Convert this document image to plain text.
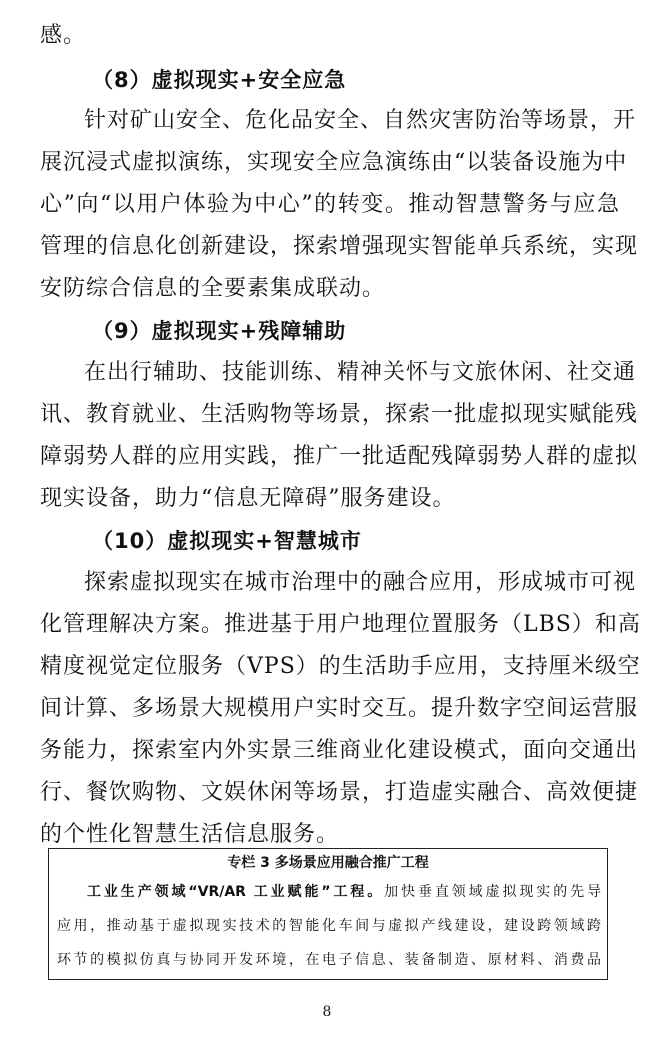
感。
（8）虚拟现实+安全应急
针对矿山安全、危化品安全、自然灾害防治等场景，开
展沉浸式虚拟演练，实现安全应急演练由“以装备设施为中
心”向“以用户体验为中心”的转变。推动智慧警务与应急
管理的信息化创新建设，探索增强现实智能单兵系统，实现
安防综合信息的全要素集成联动。
（9）虚拟现实+残障辅助
在出行辅助、技能训练、精神关怀与文旅休闲、社交通
讯、教育就业、生活购物等场景，探索一批虚拟现实赋能残
障弱势人群的应用实践，推广一批适配残障弱势人群的虚拟
现实设备，助力“信息无障碍”服务建设。
（10）虚拟现实+智慧城市
探索虚拟现实在城市治理中的融合应用，形成城市可视
化管理解决方案。推进基于用户地理位置服务（LBS）和高
精度视觉定位服务（VPS）的生活助手应用，支持厘米级空
间计算、多场景大规模用户实时交互。提升数字空间运营服
务能力，探索室内外实景三维商业化建设模式，面向交通出
行、餐饮购物、文娱休闲等场景，打造虚实融合、高效便捷
的个性化智慧生活信息服务。
专栏 3 多场景应用融合推广工程
工业生产领域“VR/AR 工业赋能”工程。加快垂直领域虚拟现实的先导
应用，推动基于虚拟现实技术的智能化车间与虚拟产线建设，建设跨领域跨
环节的模拟仿真与协同开发环境，在电子信息、装备制造、原材料、消费品
8
